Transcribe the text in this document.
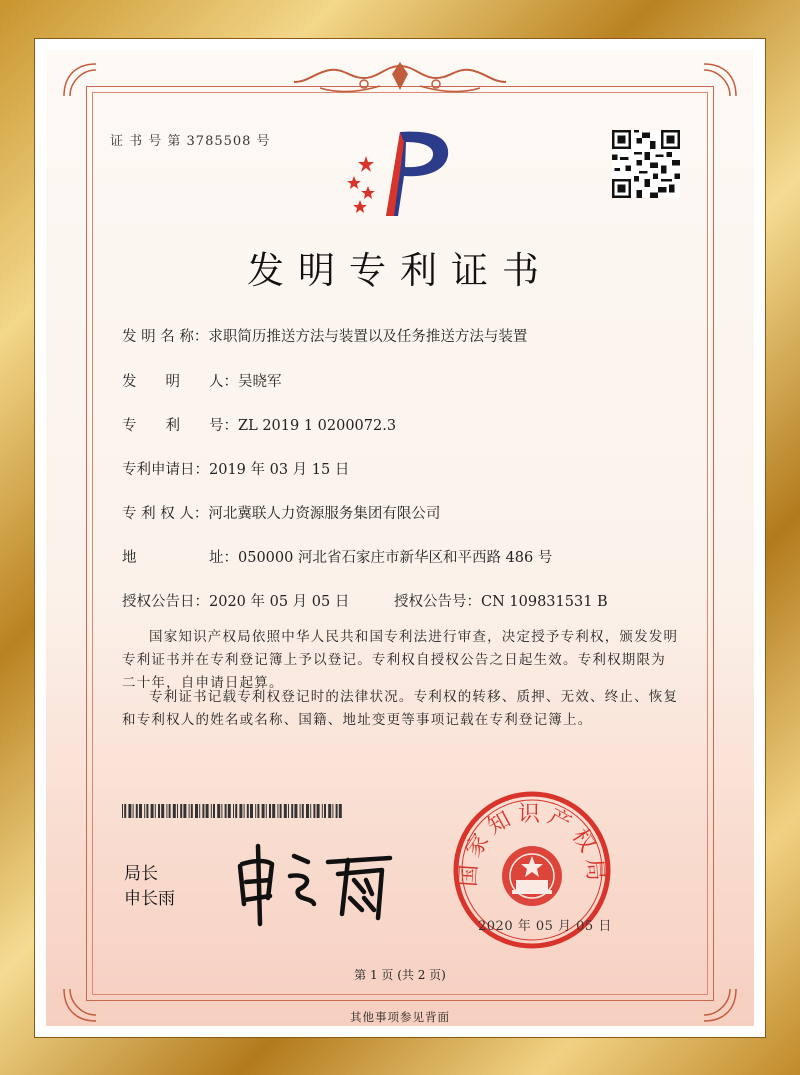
证 书 号 第 3785508 号
发明专利证书
发 明 名 称：求职简历推送方法与装置以及任务推送方法与装置
发　　明　　人：吴晓军
专　　利　　号：ZL 2019 1 0200072.3
专利申请日：2019 年 03 月 15 日
专 利 权 人：河北冀联人力资源服务集团有限公司
地　　　　　址：050000 河北省石家庄市新华区和平西路 486 号
授权公告日：2020 年 05 月 05 日	授权公告号：CN 109831531 B
国家知识产权局依照中华人民共和国专利法进行审查，决定授予专利权，颁发发明专利证书并在专利登记簿上予以登记。专利权自授权公告之日起生效。专利权期限为二十年，自申请日起算。
专利证书记载专利权登记时的法律状况。专利权的转移、质押、无效、终止、恢复和专利权人的姓名或名称、国籍、地址变更等事项记载在专利登记簿上。
局长
申长雨
国家知识产权局
2020 年 05 月 05 日
第 1 页 (共 2 页)
其他事项参见背面
